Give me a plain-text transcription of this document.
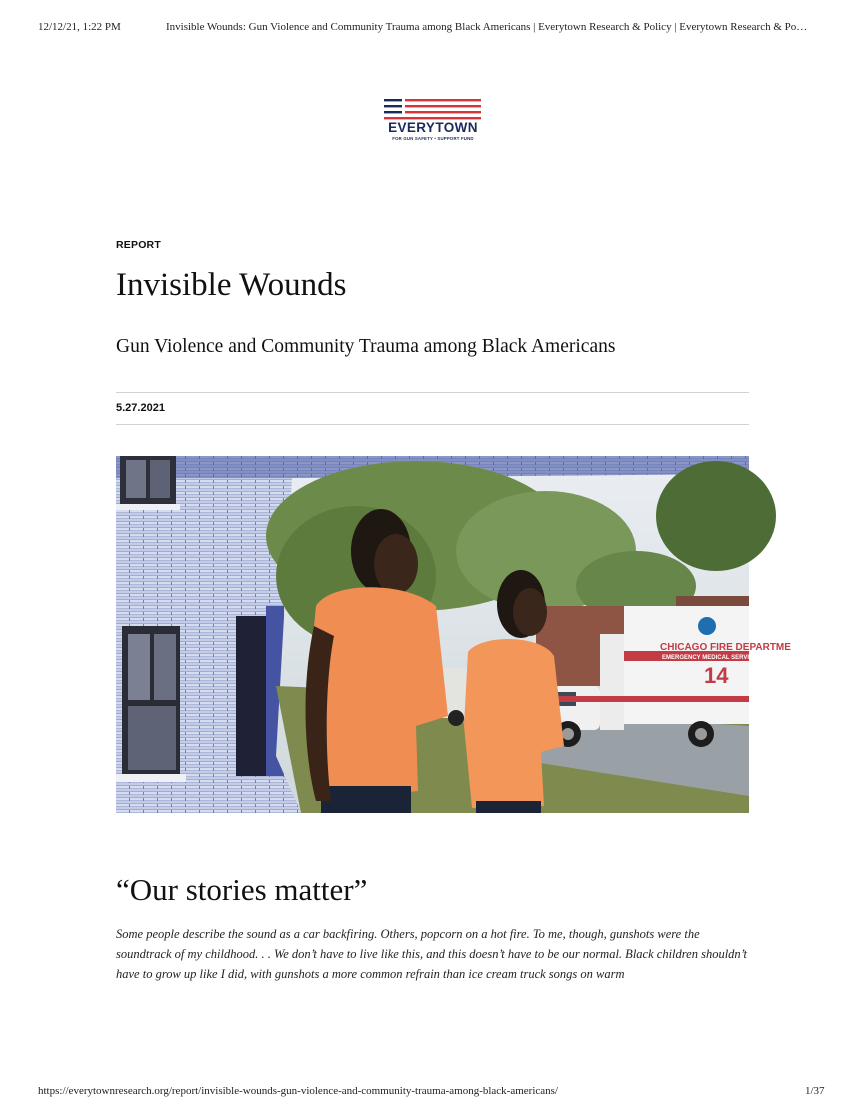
12/12/21, 1:22 PM	Invisible Wounds: Gun Violence and Community Trauma among Black Americans | Everytown Research & Policy | Everytown Research & Po…
EVERYTOWN
FOR GUN SAFETY • SUPPORT FUND
REPORT
Invisible Wounds
Gun Violence and Community Trauma among Black Americans
5.27.2021
CHICAGO FIRE DEPARTME
EMERGENCY MEDICAL SERVICE
14
“Our stories matter”

Some people describe the sound as a car backfiring. Others, popcorn on a hot fire. To me, though, gunshots were the soundtrack of my childhood. . . We don’t have to live like this, and this doesn’t have to be our normal. Black children shouldn’t have to grow up like I did, with gunshots a more common refrain than ice cream truck songs on warm

https://everytownresearch.org/report/invisible-wounds-gun-violence-and-community-trauma-among-black-americans/	1/37
